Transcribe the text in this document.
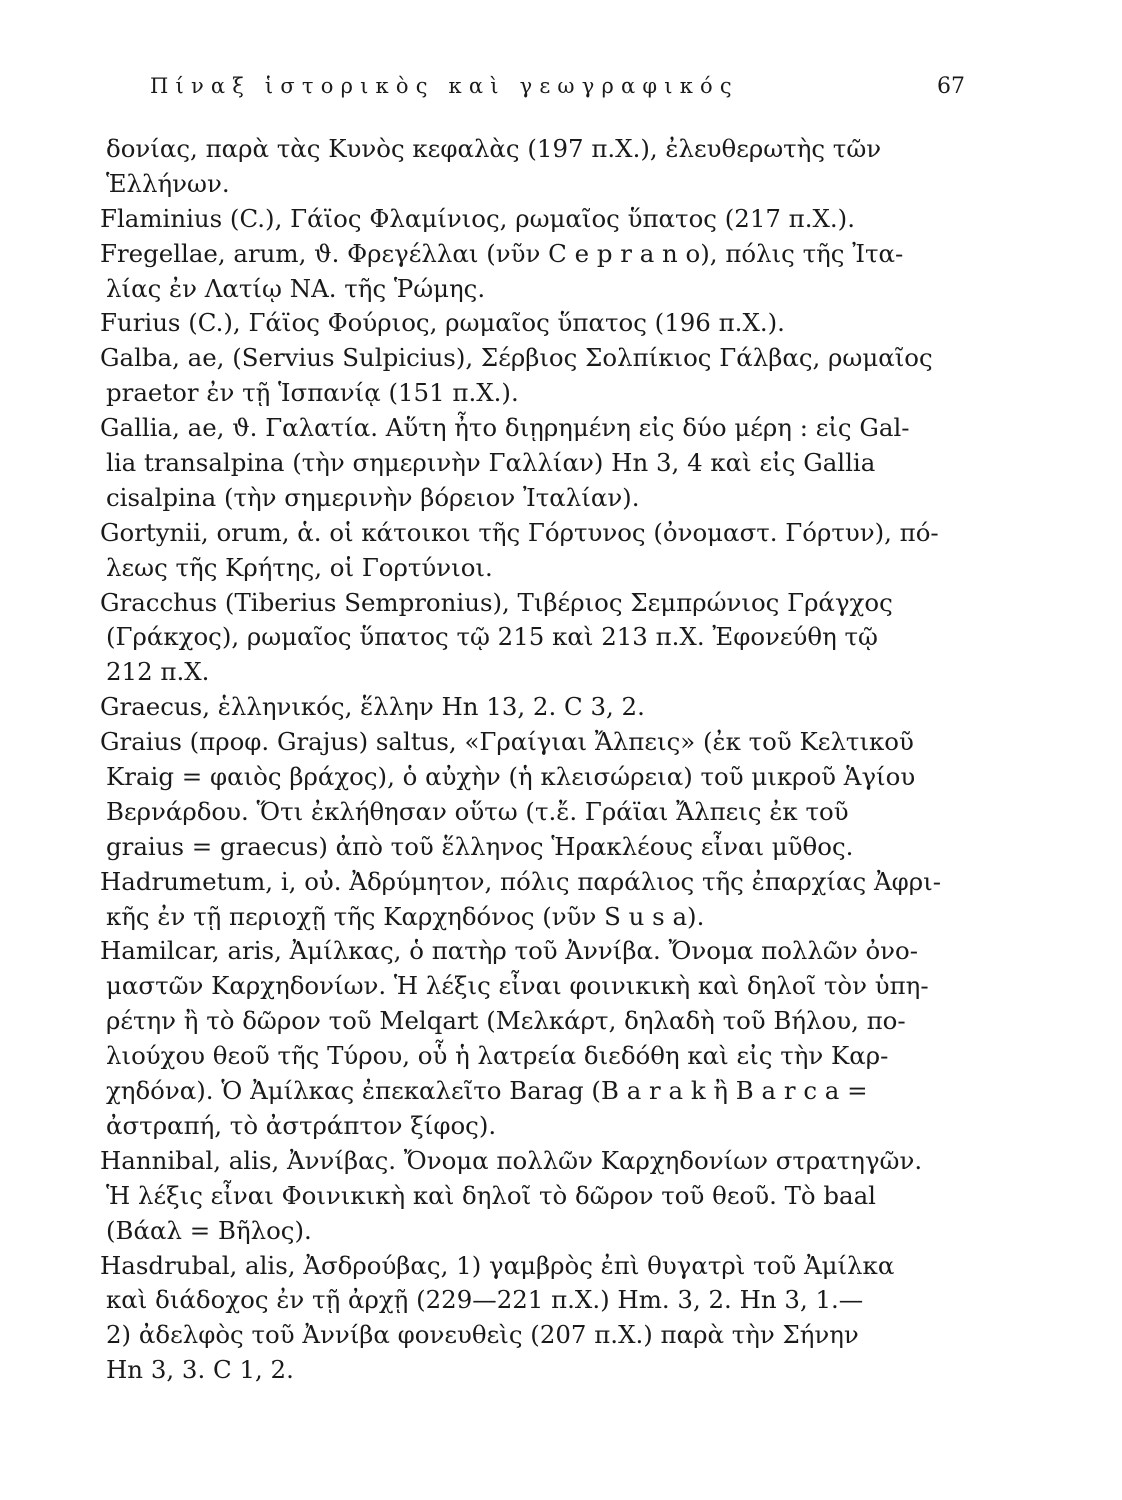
Πίναξ ἱστορικὸς καὶ γεωγραφικός	67
δονίας, παρὰ τὰς Κυνὸς κεφαλὰς (197 π.Χ.), ἐλευθερωτὴς τῶν
Ἑλλήνων.
Flaminius (C.), Γάϊος Φλαμίνιος, ρωμαῖος ὕπατος (217 π.Χ.).
Fregellae, arum, ϑ. Φρεγέλλαι (νῦν C e p r a n o), πόλις τῆς Ἰτα-
λίας ἐν Λατίῳ ΝΑ. τῆς Ῥώμης.
Furius (C.), Γάϊος Φούριος, ρωμαῖος ὕπατος (196 π.Χ.).
Galba, ae, (Servius Sulpicius), Σέρβιος Σολπίκιος Γάλβας, ρωμαῖος
praetor ἐν τῇ Ἱσπανίᾳ (151 π.Χ.).
Gallia, ae, ϑ. Γαλατία. Αὕτη ἦτο διῃρημένη εἰς δύο μέρη : εἰς Gal-
lia transalpina (τὴν σημερινὴν Γαλλίαν) Hn 3, 4 καὶ εἰς Gallia
cisalpina (τὴν σημερινὴν βόρειον Ἰταλίαν).
Gortynii, orum, ἁ. οἱ κάτοικοι τῆς Γόρτυνος (ὀνομαστ. Γόρτυν), πό-
λεως τῆς Κρήτης, οἱ Γορτύνιοι.
Gracchus (Tiberius Sempronius), Τιβέριος Σεμπρώνιος Γράγχος
(Γράκχος), ρωμαῖος ὕπατος τῷ 215 καὶ 213 π.Χ. Ἐφονεύθη τῷ
212 π.Χ.
Graecus, ἑλληνικός, ἕλλην Hn 13, 2. C 3, 2.
Graius (προφ. Grajus) saltus, «Γραίγιαι Ἄλπεις» (ἐκ τοῦ Κελτικοῦ
Kraig = φαιὸς βράχος), ὁ αὐχὴν (ἡ κλεισώρεια) τοῦ μικροῦ Ἁγίου
Βερνάρδου. Ὅτι ἐκλήθησαν οὕτω (τ.ἔ. Γράϊαι Ἄλπεις ἐκ τοῦ
graius = graecus) ἀπὸ τοῦ ἕλληνος Ἡρακλέους εἶναι μῦθος.
Hadrumetum, i, οὐ. Ἀδρύμητον, πόλις παράλιος τῆς ἐπαρχίας Ἀφρι-
κῆς ἐν τῇ περιοχῇ τῆς Καρχηδόνος (νῦν S u s a).
Hamilcar, aris, Ἀμίλκας, ὁ πατὴρ τοῦ Ἀννίβα. Ὄνομα πολλῶν ὀνο-
μαστῶν Καρχηδονίων. Ἡ λέξις εἶναι φοινικικὴ καὶ δηλοῖ τὸν ὑπη-
ρέτην ἢ τὸ δῶρον τοῦ Melqart (Μελκάρτ, δηλαδὴ τοῦ Βήλου, πο-
λιούχου θεοῦ τῆς Τύρου, οὗ ἡ λατρεία διεδόθη καὶ εἰς τὴν Καρ-
χηδόνα). Ὁ Ἀμίλκας ἐπεκαλεῖτο Barag (B a r a k ἢ B a r c a =
ἀστραπή, τὸ ἀστράπτον ξίφος).
Hannibal, alis, Ἀννίβας. Ὄνομα πολλῶν Καρχηδονίων στρατηγῶν.
Ἡ λέξις εἶναι Φοινικικὴ καὶ δηλοῖ τὸ δῶρον τοῦ θεοῦ. Τὸ baal
(Βάαλ = Βῆλος).
Hasdrubal, alis, Ἀσδρούβας, 1) γαμβρὸς ἐπὶ θυγατρὶ τοῦ Ἀμίλκα
καὶ διάδοχος ἐν τῇ ἀρχῇ (229—221 π.Χ.) Hm. 3, 2. Hn 3, 1.—
2) ἀδελφὸς τοῦ Ἀννίβα φονευθεὶς (207 π.Χ.) παρὰ τὴν Σήνην
Hn 3, 3. C 1, 2.
